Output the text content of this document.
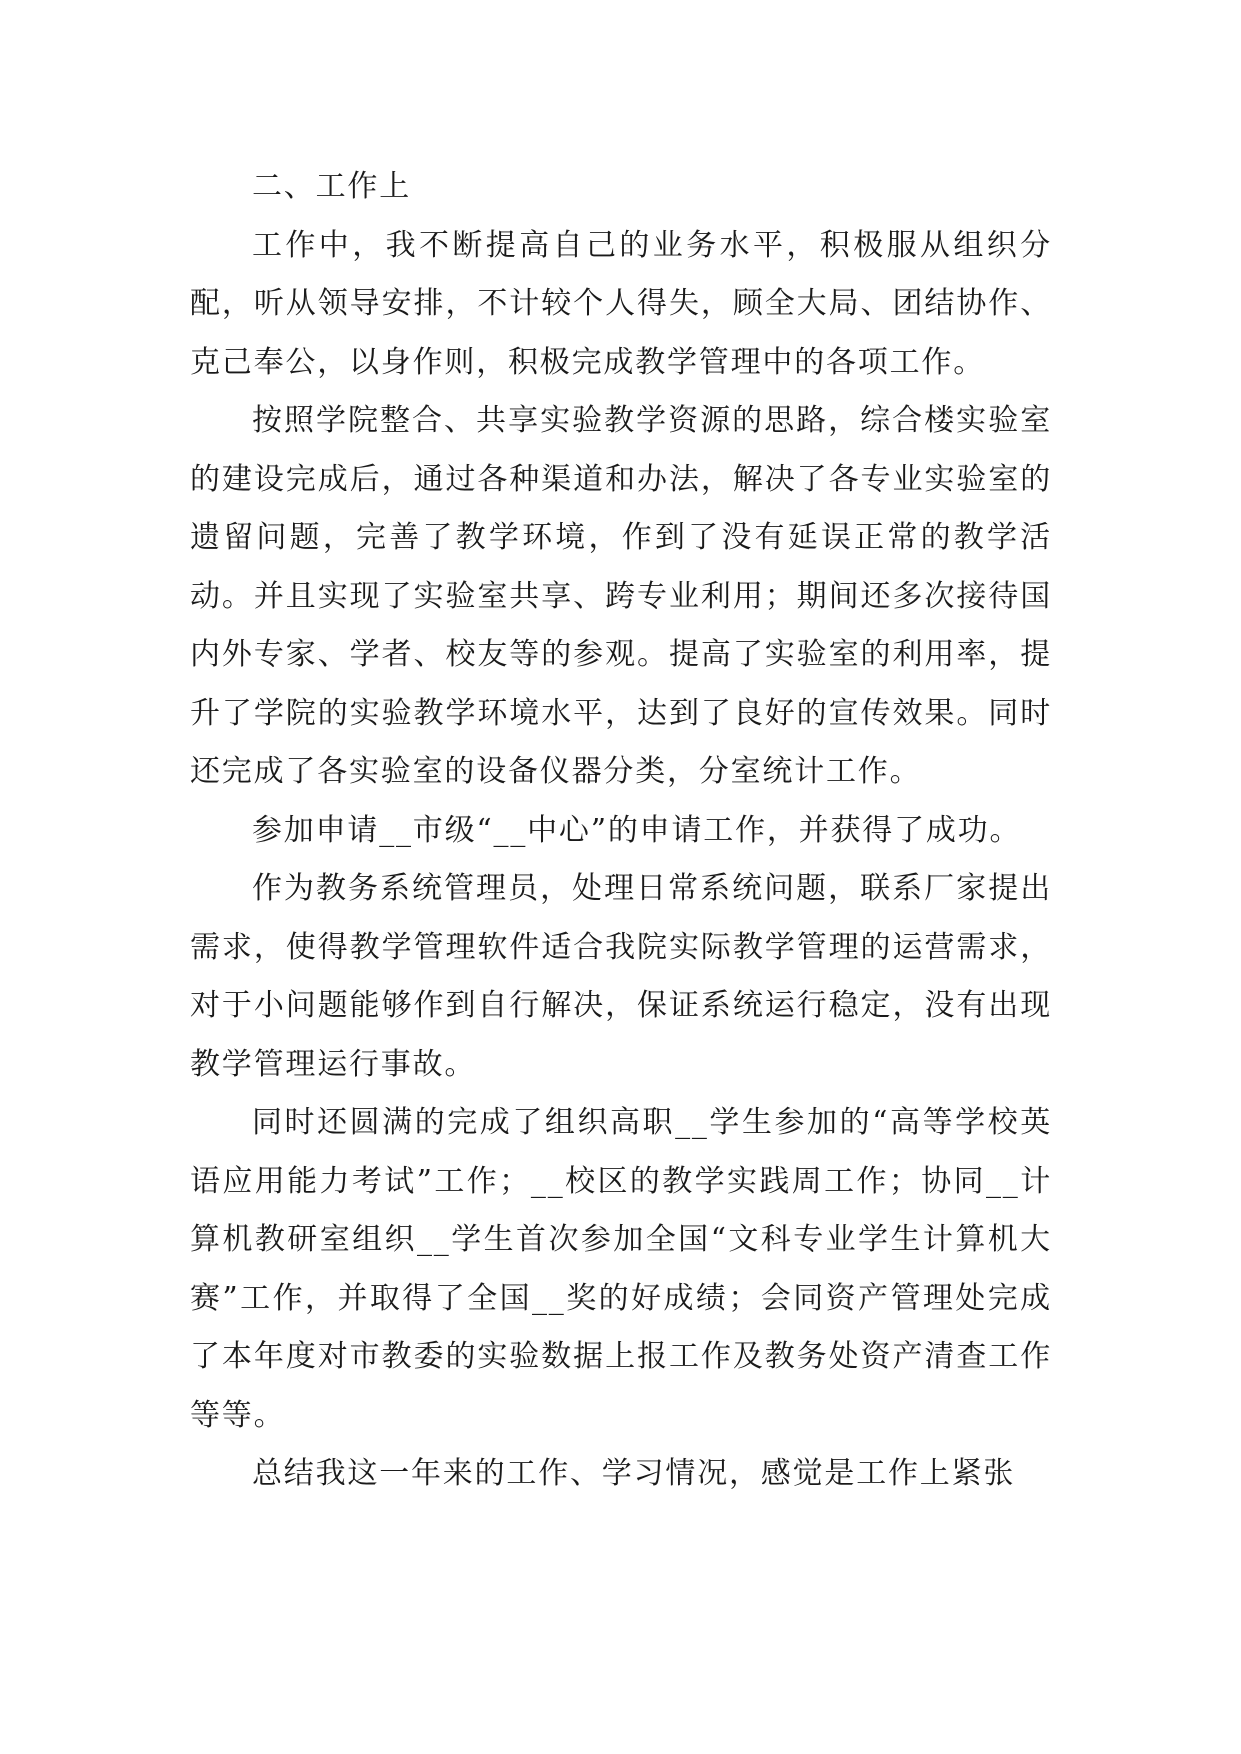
二、工作上

工作中，我不断提高自己的业务水平，积极服从组织分配，听从领导安排，不计较个人得失，顾全大局、团结协作、克己奉公，以身作则，积极完成教学管理中的各项工作。

按照学院整合、共享实验教学资源的思路，综合楼实验室的建设完成后，通过各种渠道和办法，解决了各专业实验室的遗留问题，完善了教学环境，作到了没有延误正常的教学活动。并且实现了实验室共享、跨专业利用；期间还多次接待国内外专家、学者、校友等的参观。提高了实验室的利用率，提升了学院的实验教学环境水平，达到了良好的宣传效果。同时还完成了各实验室的设备仪器分类，分室统计工作。

参加申请__市级“__中心”的申请工作，并获得了成功。

作为教务系统管理员，处理日常系统问题，联系厂家提出需求，使得教学管理软件适合我院实际教学管理的运营需求，对于小问题能够作到自行解决，保证系统运行稳定，没有出现教学管理运行事故。

同时还圆满的完成了组织高职__学生参加的“高等学校英语应用能力考试”工作；__校区的教学实践周工作；协同__计算机教研室组织__学生首次参加全国“文科专业学生计算机大赛”工作，并取得了全国__奖的好成绩；会同资产管理处完成了本年度对市教委的实验数据上报工作及教务处资产清查工作等等。

总结我这一年来的工作、学习情况，感觉是工作上紧张
